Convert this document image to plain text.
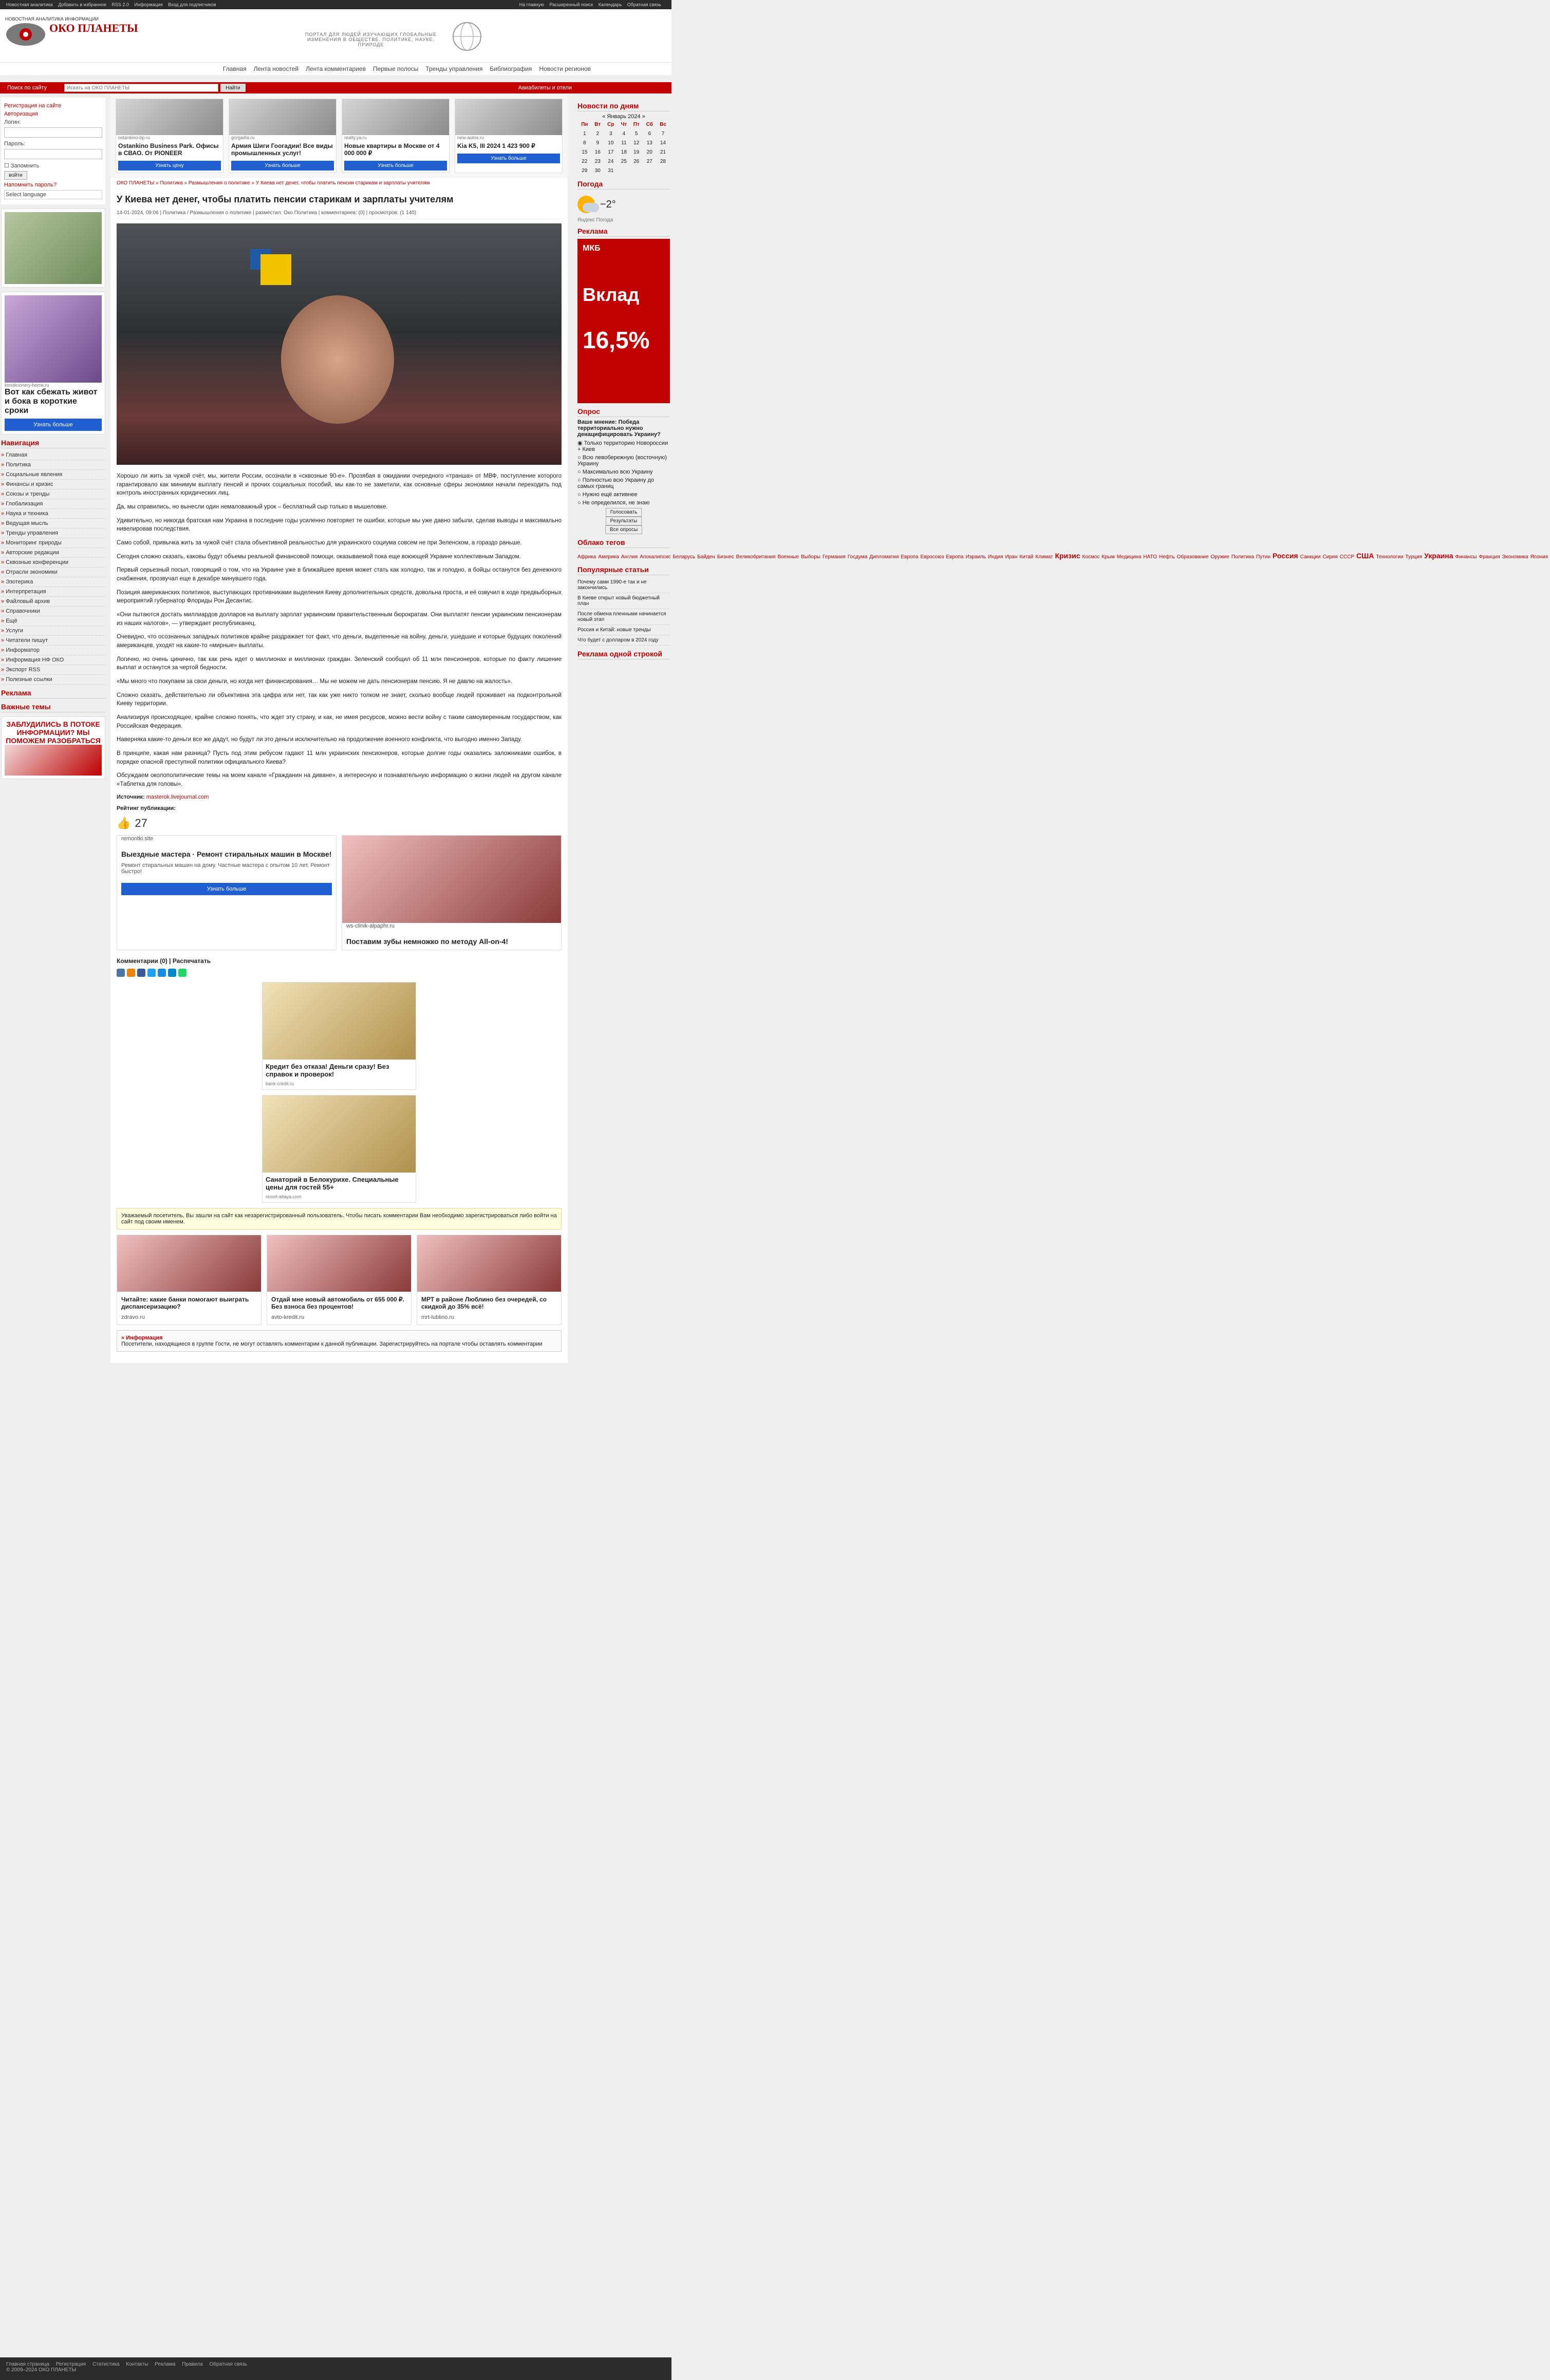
Новостная аналитика Добавить в избранное RSS 2.0 Информация Вход для подписчиков	На главную Расширенный поиск Календарь Обратная связь
НОВОСТНАЯ АНАЛИТИКА ИНФОРМАЦИИ
ОКО ПЛАНЕТЫ	ПОРТАЛ ДЛЯ ЛЮДЕЙ ИЗУЧАЮЩИХ ГЛОБАЛЬНЫЕ ИЗМЕНЕНИЯ В ОБЩЕСТВЕ, ПОЛИТИКЕ, НАУКЕ, ПРИРОДЕ
Главная Лента новостей Лента комментариев Первые полосы Тренды управления Библиография Новости регионов
Поиск по сайту
Искать на ОКО ПЛАНЕТЫ	Найти	Авиабилеты и отели
Регистрация на сайте
Авторизация
Логин:
Пароль:
☐ Запомнить
войти
Напомнить пароль?
Select language
kondicionery-home.ru
Вот как сбежать живот и бока в короткие сроки
Узнать больше
Навигация
» Главная
» Политика
» Социальные явления
» Финансы и кризис
» Союзы и тренды
» Глобализация
» Наука и техника
» Ведущая мысль
» Тренды управления
» Мониторинг природы
» Авторские редакции
» Сквозные конференции
» Отрасли экономики
» Эзотерика
» Интерпретация
» Файловый архив
» Справочники
» Ещё
» Услуги
» Читатели пишут
» Информатор
» Информация НФ ОКО
» Экспорт RSS
» Полезные ссылки
Реклама
Важные темы
ЗАБЛУДИЛИСЬ В ПОТОКЕ ИНФОРМАЦИИ? МЫ ПОМОЖЕМ РАЗОБРАТЬСЯ
ostankino-bp.ru
Ostankino Business Park. Офисы в СВАО. От PIONEER
Узнать цену
gorgadia.ru
Армия Шиги Гоогадии! Все виды промышленных услуг!
Узнать больше
realty.ya.ru
Новые квартиры в Москве от 4 000 000 ₽
Узнать больше
new-autos.ru
Kia K5, III 2024 1 423 900 ₽
Узнать больше
ОКО ПЛАНЕТЫ » Политика » Размышления о политике » У Киева нет денег, чтобы платить пенсии старикам и зарплаты учителям
У Киева нет денег, чтобы платить пенсии старикам и зарплаты учителям
14-01-2024, 09:06 | Политика / Размышления о политике | разместил: Око Политика | комментариев: (0) | просмотров: (1 140)

Хорошо ли жить за чужой счёт, мы, жители России, осознали в «сквозные 90-е». Прозябая в ожидании очередного «транша» от МВФ, поступление которого гарантировало как минимум выплату пенсий и прочих социальных пособий, мы как-то не заметили, как основные сферы экономики начали переходить под контроль иностранных юридических лиц.

Да, мы справились, но вынесли один немаловажный урок – бесплатный сыр только в мышеловке.

Удивительно, но никогда братская нам Украина в последние годы усиленно повторяет те ошибки, которые мы уже давно забыли, сделав выводы и максимально нивелировав последствия.

Само собой, привычка жить за чужой счёт стала объективной реальностью для украинского социума совсем не при Зеленском, а гораздо раньше.

Сегодня сложно сказать, каковы будут объемы реальной финансовой помощи, оказываемой пока еще воюющей Украине коллективным Западом.

Первый серьезный посыл, говорящий о том, что на Украине уже в ближайшее время может стать как холодно, так и голодно, а бойцы останутся без денежного снабжения, прозвучал еще в декабре минувшего года.

Позиция американских политиков, выступающих противниками выделения Киеву дополнительных средств, довольна проста, и её озвучил в ходе предвыборных мероприятий губернатор Флориды Рон Десантис.

«Они пытаются достать миллиардов долларов на выплату зарплат украинским правительственным бюрократам. Они выплатят пенсии украинским пенсионерам из наших налогов», — утверждает республиканец.

Очевидно, что осознанных западных политиков крайне раздражает тот факт, что деньги, выделенные на войну, деньги, ушедшие и которые будущих поколений американцев, уходят на какие-то «мирные» выплаты.

Логично, но очень цинично, так как речь идет о миллионах и миллионах граждан. Зеленский сообщил об 11 млн пенсионеров, которые по факту лишение выплат и останутся за чертой бедности.

«Мы много что покупаем за свои деньги, но когда нет финансирования… Мы не можем не дать пенсионерам пенсию. Я не давлю на жалость».

Сложно сказать, действительно ли объективна эта цифра или нет, так как уже никто толком не знает, сколько вообще людей проживает на подконтрольной Киеву территории.

Анализируя происходящее, крайне сложно понять, что ждет эту страну, и как, не имея ресурсов, можно вести войну с таким самоуверенным государством, как Российская Федерация.

Наверняка какие-то деньги все же дадут, но будут ли это деньги исключительно на продолжение военного конфликта, что выгодно именно Западу.

В принципе, какая нам разница? Пусть под этим ребусом гадают 11 млн украинских пенсионеров, которые долгие годы оказались заложниками ошибок, в порядке опасной преступной политики официального Киева?

Обсуждаем околополитические темы на моем канале «Гражданин на диване», а интересную и познавательную информацию о жизни людей на другом канале «Таблетка для головы».

Источник: masterok.livejournal.com
Рейтинг публикации:
👍 27
remontki.site
Выездные мастера · Ремонт стиральных машин в Москве!
Ремонт стиральных машин на дому. Частные мастера с опытом 10 лет. Ремонт быстро!
Узнать больше
ws-clinik-alpaphr.ru
Поставим зубы немножко по методу All-on-4!
Комментарии (0) | Распечатать
Кредит без отказа! Деньги сразу! Без справок и проверок!
bank-credit.ru
Санаторий в Белокурихе. Специальные цены для гостей 55+
resort-altaya.com
Уважаемый посетитель, Вы зашли на сайт как незарегистрированный пользователь. Чтобы писать комментарии Вам необходимо зарегистрироваться либо войти на сайт под своим именем.
Читайте: какие банки помогают выиграть диспансеризацию?
zdravo.ru
Отдай мне новый автомобиль от 655 000 ₽. Без взноса без процентов!
avto-kredit.ru
МРТ в районе Люблино без очередей, со скидкой до 35% всё!
mrt-lublino.ru
» Информация
Посетители, находящиеся в группе Гости, не могут оставлять комментарии к данной публикации. Зарегистрируйтесь на портале чтобы оставлять комментарии
Новости по дням
« Январь 2024 »
Пн	Вт	Ср	Чт	Пт	Сб	Вс
1	2	3	4	5	6	7
8	9	10	11	12	13	14
15	16	17	18	19	20	21
22	23	24	25	26	27	28
29	30	31				
Погода
−2°
Яндекс Погода
Реклама
МКБ
Вклад
16,5%
Опрос
Ваше мнение: Победа территориально нужно денацифицировать Украину?
◉ Только территорию Новороссии + Киев
○ Всю левобережную (восточную) Украину
○ Максимально всю Украину
○ Полностью всю Украину до самых границ
○ Нужно ещё активнее
○ Не определился, не знаю
Голосовать
Результаты
Все опросы
Облако тегов
Африка Америка Англия Апокалипсис Беларусь Байден Бизнес Великобритания Военные Выборы Германия Госдума Дипломатия Европа Евросоюз Европа Израиль Индия Иран Китай Климат Кризис Космос Крым Медицина НАТО Нефть Образование Оружие Политика Путин Россия Санкции Сирия СССР США Технологии Турция Украина Финансы Франция Экономика Япония
Популярные статьи
Почему сами 1990-е так и не закончились
В Киеве открыт новый бюджетный план
После обмена пленными начинается новый этап
Россия и Китай: новые тренды
Что будет с долларом в 2024 году
Реклама одной строкой
Главная страница Регистрация Статистика Контакты Реклама Правила Обратная связь
© 2009–2024 ОКО ПЛАНЕТЫ
